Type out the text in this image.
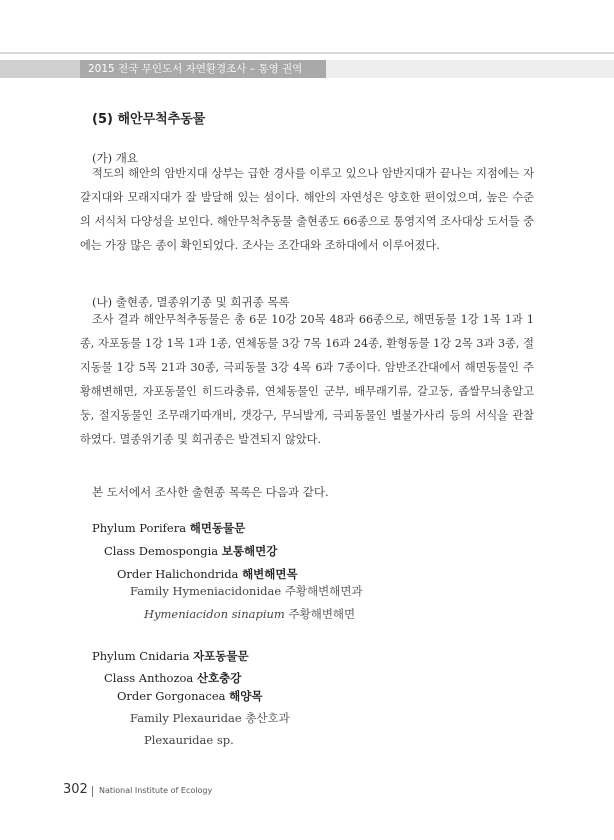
2015 전국 무인도서 자연환경조사 – 통영 권역
(5) 해안무척추동물
(가) 개요

적도의 해안의 암반지대 상부는 급한 경사를 이루고 있으나 암반지대가 끝나는 지점에는 자갈지대와 모래지대가 잘 발달해 있는 섬이다. 해안의 자연성은 양호한 편이었으며, 높은 수준의 서식처 다양성을 보인다. 해안무척추동물 출현종도 66종으로 통영지역 조사대상 도서들 중에는 가장 많은 종이 확인되었다. 조사는 조간대와 조하대에서 이루어졌다.

(나) 출현종, 멸종위기종 및 희귀종 목록

조사 결과 해안무척추동물은 총 6문 10강 20목 48과 66종으로, 해면동물 1강 1목 1과 1종, 자포동물 1강 1목 1과 1종, 연체동물 3강 7목 16과 24종, 환형동물 1강 2목 3과 3종, 절지동물 1강 5목 21과 30종, 극피동물 3강 4목 6과 7종이다. 암반조간대에서 해면동물인 주황해변해면, 자포동물인 히드라충류, 연체동물인 군부, 배무래기류, 갈고둥, 좁쌀무늬총알고둥, 절지동물인 조무래기따개비, 갯강구, 무늬발게, 극피동물인 별불가사리 등의 서식을 관찰하였다. 멸종위기종 및 희귀종은 발견되지 않았다.

본 도서에서 조사한 출현종 목록은 다음과 같다.
Phylum Porifera 해면동물문
Class Demospongia 보통해면강
Order Halichondrida 해변해면목
Family Hymeniacidonidae 주황해변해면과
Hymeniacidon sinapium 주황해변해면
Phylum Cnidaria 자포동물문
Class Anthozoa 산호충강
Order Gorgonacea 해양목
Family Plexauridae 총산호과
Plexauridae sp.
302 National Institute of Ecology
